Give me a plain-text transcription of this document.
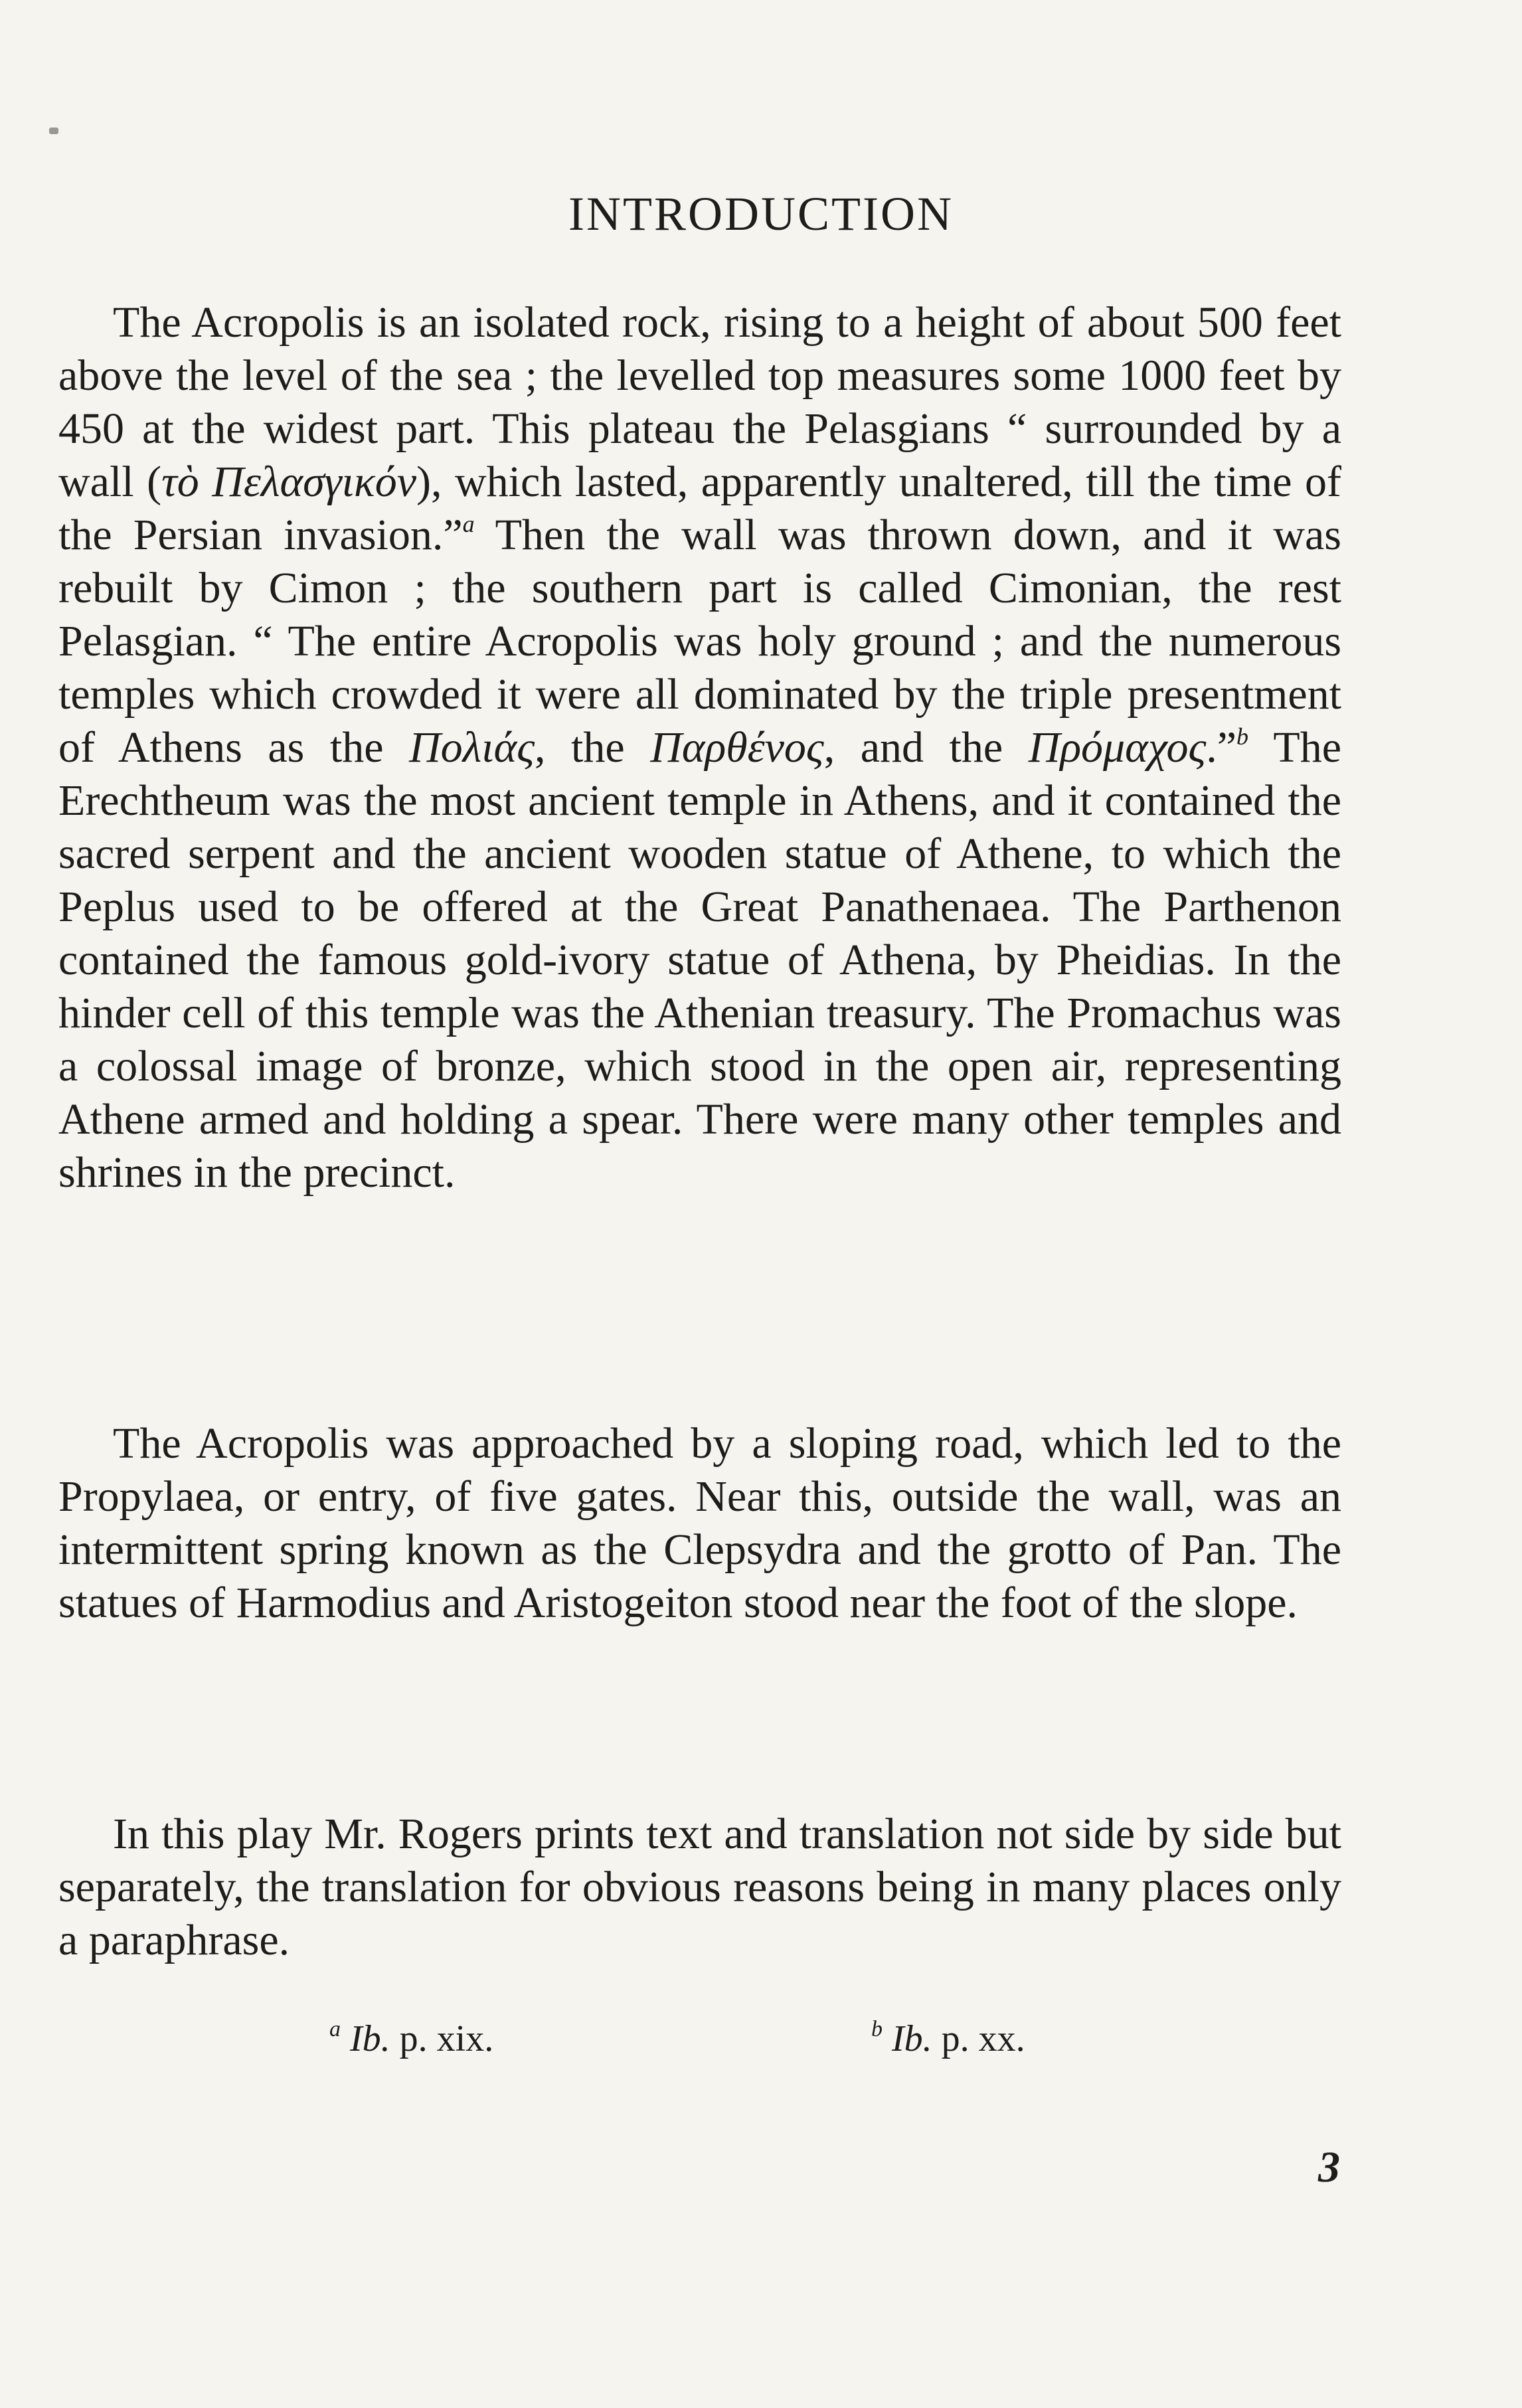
INTRODUCTION

The Acropolis is an isolated rock, rising to a height of about 500 feet above the level of the sea ; the levelled top measures some 1000 feet by 450 at the widest part. This plateau the Pelasgians “ surrounded by a wall (τὸ Πελασγικόν), which lasted, apparently unaltered, till the time of the Persian invasion.”$^a$ Then the wall was thrown down, and it was rebuilt by Cimon ; the southern part is called Cimonian, the rest Pelasgian. “ The entire Acropolis was holy ground ; and the numerous temples which crowded it were all dominated by the triple presentment of Athens as the Πολιάς, the Παρθένος, and the Πρόμαχος.”$^b$ The Erechtheum was the most ancient temple in Athens, and it contained the sacred serpent and the ancient wooden statue of Athene, to which the Peplus used to be offered at the Great Panathenaea. The Parthenon contained the famous gold-ivory statue of Athena, by Pheidias. In the hinder cell of this temple was the Athenian treasury. The Promachus was a colossal image of bronze, which stood in the open air, representing Athene armed and holding a spear. There were many other temples and shrines in the precinct.

The Acropolis was approached by a sloping road, which led to the Propylaea, or entry, of five gates. Near this, outside the wall, was an intermittent spring known as the Clepsydra and the grotto of Pan. The statues of Harmodius and Aristogeiton stood near the foot of the slope.

In this play Mr. Rogers prints text and translation not side by side but separately, the translation for obvious reasons being in many places only a paraphrase.

$^a$ Ib. p. xix.	$^b$ Ib. p. xx.
3
